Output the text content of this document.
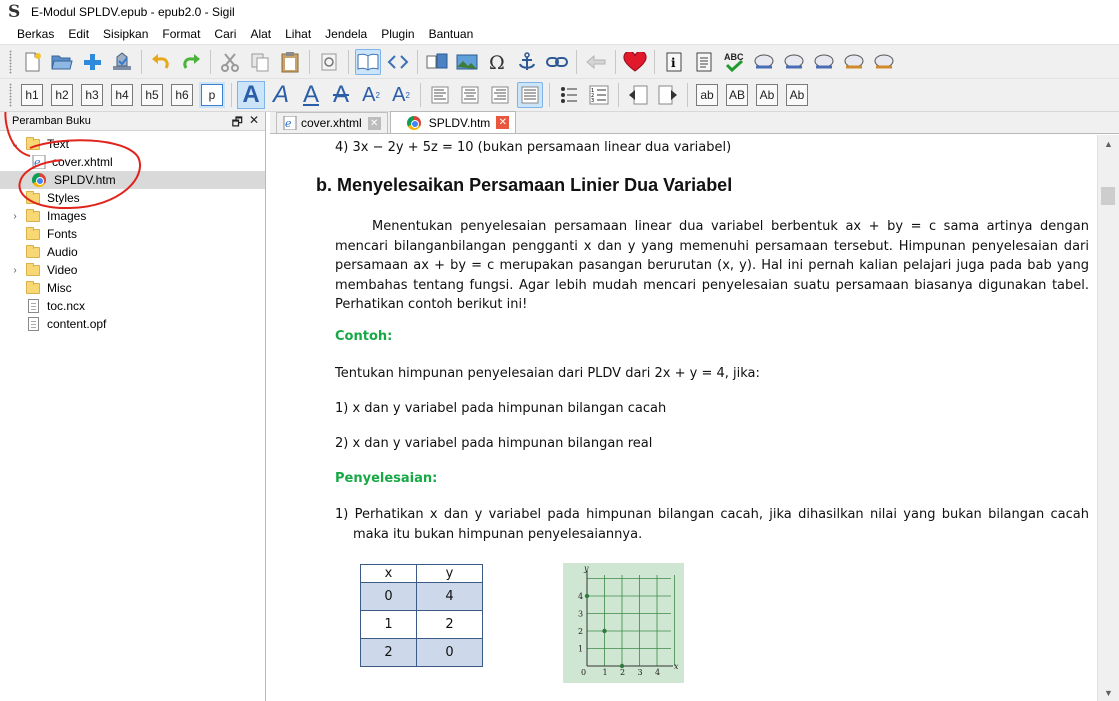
S E-Modul SPLDV.epub - epub2.0 - Sigil
Berkas	Edit	Sisipkan	Format	Cari	Alat	Lihat	Jendela	Plugin	Bantuan
Ω	i	ABC
h1	h2	h3	h4	h5	h6	p	A A A A A 2 A 2	1
2
3	ab	AB	Ab	Ab
Peramban Buku	🗗 ✕
⌄ Text
e cover.xhtml
SPLDV.htm
Styles
›	Images
Fonts
Audio
›	Video
Misc
toc.ncx
content.opf
e cover.xhtml ✕	SPLDV.htm ✕
4) 3x − 2y + 5z = 10 (bukan persamaan linear dua variabel)
b. Menyelesaikan Persamaan Linier Dua Variabel
Menentukan penyelesaian persamaan linear dua variabel berbentuk ax + by = c sama artinya dengan mencari bilanganbilangan pengganti x dan y yang memenuhi persamaan tersebut. Himpunan penyelesaian dari persamaan ax + by = c merupakan pasangan berurutan (x, y). Hal ini pernah kalian pelajari juga pada bab yang membahas tentang fungsi. Agar lebih mudah mencari penyelesaian suatu persamaan biasanya digunakan tabel. Perhatikan contoh berikut ini!
Contoh:
Tentukan himpunan penyelesaian dari PLDV dari 2x + y = 4, jika:
1) x dan y variabel pada himpunan bilangan cacah
2) x dan y variabel pada himpunan bilangan real
Penyelesaian:
1) Perhatikan x dan y variabel pada himpunan bilangan cacah, jika dihasilkan nilai yang bukan bilangan cacah maka itu bukan himpunan penyelesaiannya.
x	y
0	4
1	2
2	0
0 1 2 3 4
1
2
3
4
x
y
▲
▼
